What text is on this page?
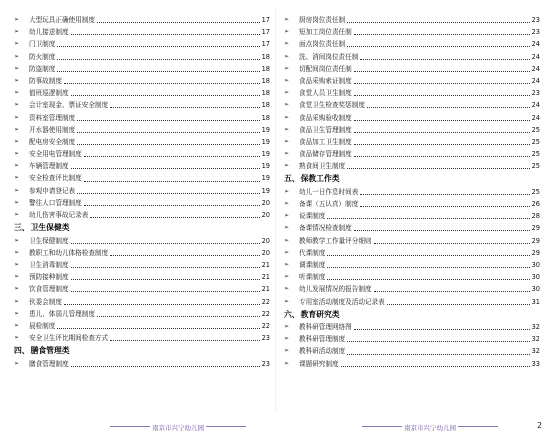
➢	大型玩具正确使用制度	17
➢	幼儿接送制度	17
➢	门卫制度	17
➢	防火制度	18
➢	防盗制度	18
➢	防事故制度	18
➢	值班巡逻制度	18
➢	会计室现金、票证安全制度	18
➢	资料室管理制度	18
➢	开水器使用制度	19
➢	配电房安全制度	19
➢	安全用电管理制度	19
➢	车辆管理制度	19
➢	安全检查评比制度	19
➢	参观申请登记表	19
➢	警往人口管理制度	20
➢	幼儿伤害事故记录表	20
三、 卫生保健类
➢	卫生保健制度	20
➢	教职工和幼儿体格检查制度	20
➢	卫生消毒制度	21
➢	预防接种制度	21
➢	饮食管理制度	21
➢	伙委会制度	22
➢	患儿、体弱儿管理制度	22
➢	晨检制度	22
➢	安全卫生评比期间检查方式	23
四、 膳食管理类
➢	膳食管理制度	23
➢	厨房岗位责任制	23
➢	短加工岗位责任制	23
➢	面点岗位责任制	24
➢	洗、消间岗位责任制	24
➢	切配间岗位责任制	24
➢	食品采购索证制度	24
➢	食堂人员卫生制度	23
➢	食堂卫生检查奖惩制度	24
➢	食品采购验收制度	24
➢	食品卫生管理制度	25
➢	食品加工卫生制度	25
➢	食品储存管理制度	25
➢	熟食间卫生制度	25
五、 保教工作类
➢	幼儿一日作息时间表	25
➢	备课（五认真）制度	26
➢	说课制度	28
➢	备课情况检查制度	29
➢	教师教学工作量评分细则	29
➢	代课制度	29
➢	调课制度	30
➢	听课制度	30
➢	幼儿发展情况的报告制度	30
➢	专用室活动制度及活动记录表	31
六、 教育研究类
➢	教科研管理网络图	32
➢	教科研管理制度	32
➢	教科研活动制度	32
➢	课题研究制度	33
南京市兴宁幼儿园	南京市兴宁幼儿园	2
